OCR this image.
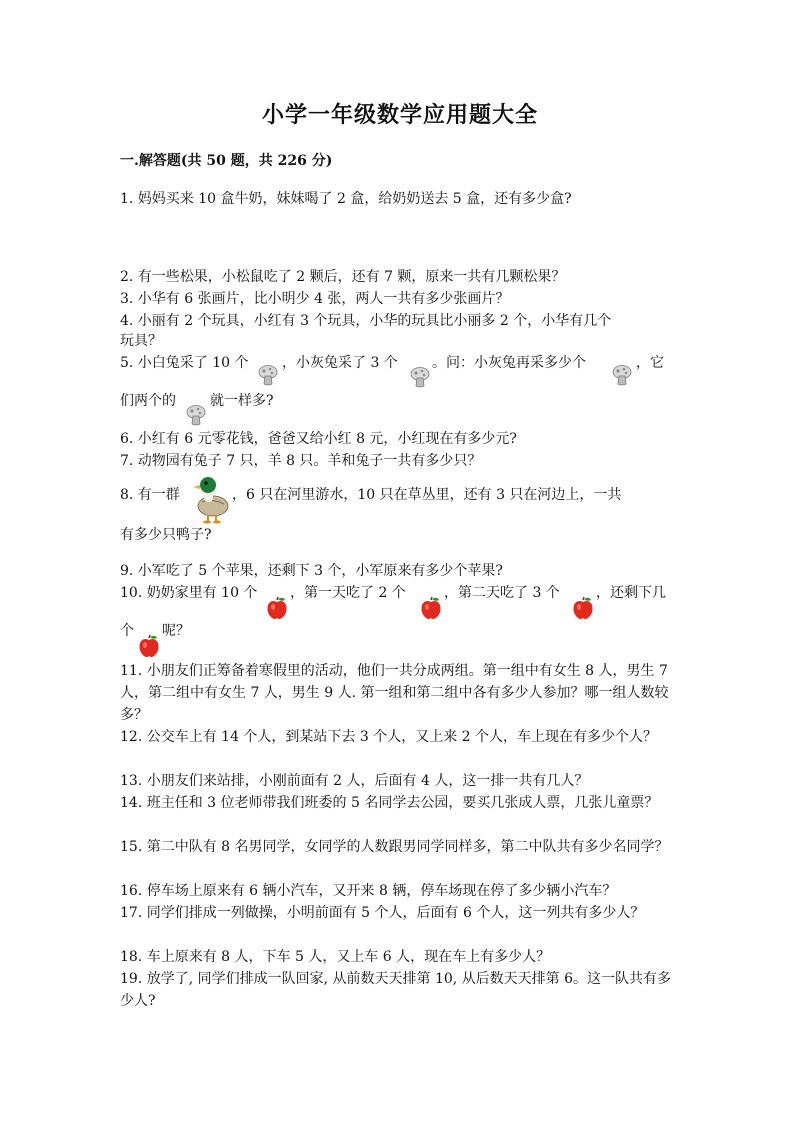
小学一年级数学应用题大全
一.解答题(共 50 题，共 226 分)
1. 妈妈买来 10 盒牛奶，妹妹喝了 2 盒，给奶奶送去 5 盒，还有多少盒?
2. 有一些松果，小松鼠吃了 2 颗后，还有 7 颗，原来一共有几颗松果？
3. 小华有 6 张画片，比小明少 4 张，两人一共有多少张画片？
4. 小丽有 2 个玩具，小红有 3 个玩具，小华的玩具比小丽多 2 个，小华有几个
玩具？
5. 小白兔采了 10 个 ，小灰兔采了 3 个 。问：小灰兔再采多少个	，它
们两个的 就一样多?
6. 小红有 6 元零花钱，爸爸又给小红 8 元，小红现在有多少元?
7. 动物园有兔子 7 只，羊 8 只。羊和兔子一共有多少只？
8. 有一群	，6 只在河里游水，10 只在草丛里，还有 3 只在河边上，一共
有多少只鸭子?
9. 小军吃了 5 个苹果，还剩下 3 个，小军原来有多少个苹果?
10. 奶奶家里有 10 个 ，第一天吃了 2 个	，第二天吃了 3 个	，还剩下几
个 呢？
11. 小朋友们正筹备着寒假里的活动，他们一共分成两组。第一组中有女生 8 人，男生 7 人，第二组中有女生 7 人，男生 9 人. 第一组和第二组中各有多少人参加？哪一组人数较多？
12. 公交车上有 14 个人，到某站下去 3 个人，又上来 2 个人，车上现在有多少个人？
13. 小朋友们来站排，小刚前面有 2 人，后面有 4 人，这一排一共有几人？
14. 班主任和 3 位老师带我们班委的 5 名同学去公园，要买几张成人票，几张儿童票？
15. 第二中队有 8 名男同学，女同学的人数跟男同学同样多，第二中队共有多少名同学？
16. 停车场上原来有 6 辆小汽车，又开来 8 辆，停车场现在停了多少辆小汽车？
17. 同学们排成一列做操，小明前面有 5 个人，后面有 6 个人，这一列共有多少人？
18. 车上原来有 8 人，下车 5 人，又上车 6 人，现在车上有多少人？
19. 放学了, 同学们排成一队回家, 从前数天天排第 10, 从后数天天排第 6。这一队共有多少人?
